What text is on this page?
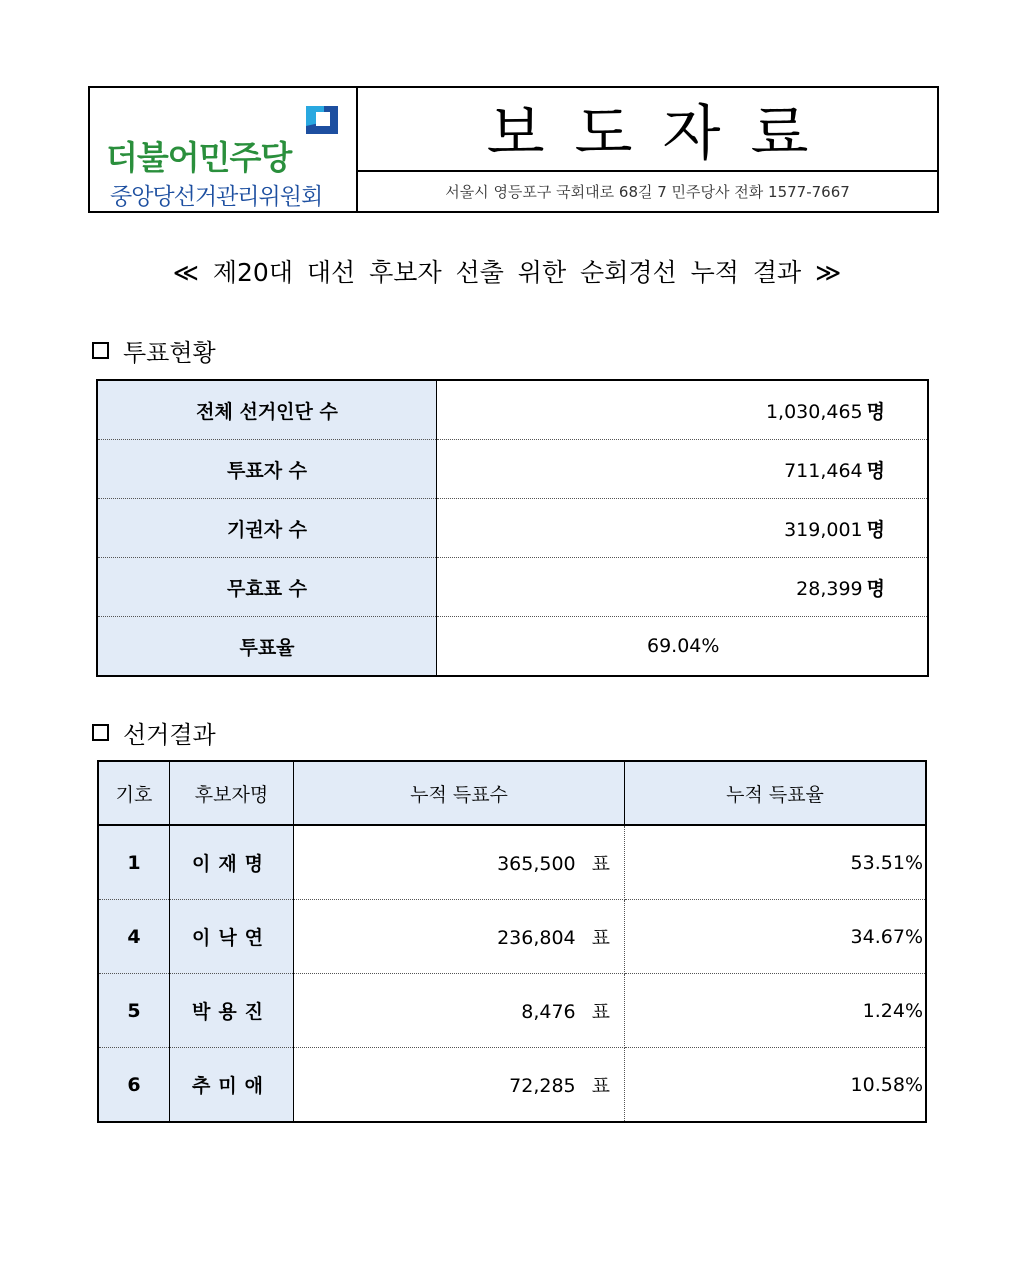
더불어민주당
중앙당선거관리위원회
보도자료
서울시 영등포구 국회대로 68길 7 민주당사 전화 1577-7667
≪ 제20대 대선 후보자 선출 위한 순회경선 누적 결과 ≫
투표현황
전체 선거인단 수	1,030,465 명
투표자 수	711,464 명
기권자 수	319,001 명
무효표 수	28,399 명
투표율	69.04%
선거결과
기호	후보자명	누적 득표수	누적 득표율
1	이재명	365,500 표	53.51%
4	이낙연	236,804 표	34.67%
5	박용진	8,476 표	1.24%
6	추미애	72,285 표	10.58%
